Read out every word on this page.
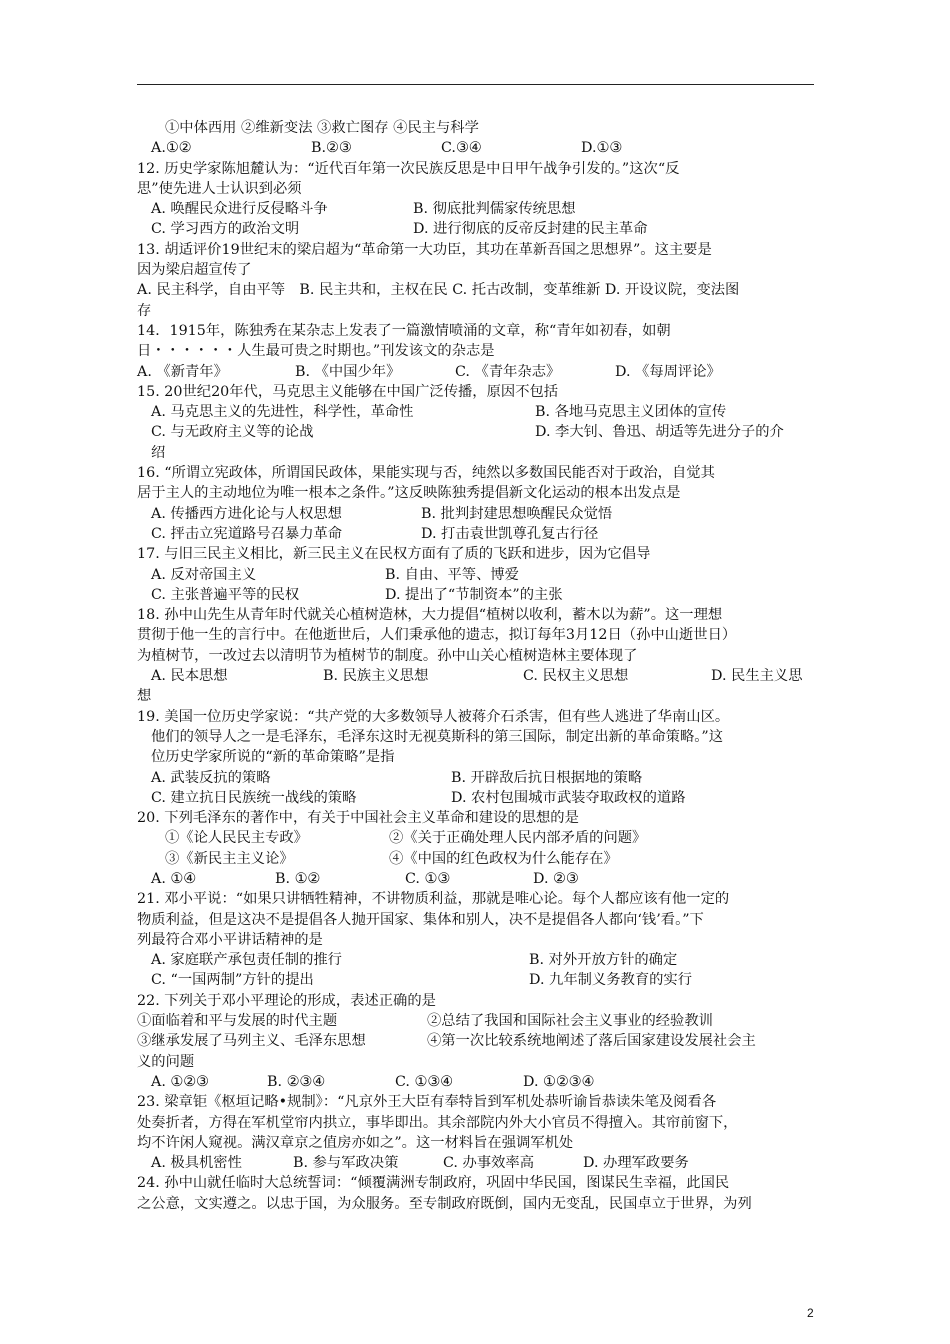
①中体西用 ②维新变法 ③救亡图存 ④民主与科学
A.①②	B.②③	C.③④	D.①③
12. 历史学家陈旭麓认为：“近代百年第一次民族反思是中日甲午战争引发的。”这次“反
思”使先进人士认识到必须
A. 唤醒民众进行反侵略斗争	B. 彻底批判儒家传统思想
C. 学习西方的政治文明	D. 进行彻底的反帝反封建的民主革命
13. 胡适评价19世纪末的梁启超为“革命第一大功臣，其功在革新吾国之思想界”。这主要是
因为梁启超宣传了
A. 民主科学，自由平等　B. 民主共和，主权在民 C. 托古改制，变革维新 D. 开设议院，变法图
存
14．1915年，陈独秀在某杂志上发表了一篇激情喷涌的文章，称“青年如初春，如朝
日・・・・・・人生最可贵之时期也。”刊发该文的杂志是
A. 《新青年》	B. 《中国少年》	C. 《青年杂志》	D. 《每周评论》
15. 20世纪20年代，马克思主义能够在中国广泛传播，原因不包括
A. 马克思主义的先进性，科学性，革命性	B. 各地马克思主义团体的宣传
C. 与无政府主义等的论战	D. 李大钊、鲁迅、胡适等先进分子的介
绍
16. “所谓立宪政体，所谓国民政体，果能实现与否，纯然以多数国民能否对于政治，自觉其
居于主人的主动地位为唯一根本之条件。”这反映陈独秀提倡新文化运动的根本出发点是
A. 传播西方进化论与人权思想	B. 批判封建思想唤醒民众觉悟
C. 抨击立宪道路号召暴力革命	D. 打击袁世凯尊孔复古行径
17. 与旧三民主义相比，新三民主义在民权方面有了质的飞跃和进步，因为它倡导
A. 反对帝国主义	B. 自由、平等、博爱
C. 主张普遍平等的民权	D. 提出了“节制资本”的主张
18. 孙中山先生从青年时代就关心植树造林，大力提倡“植树以收利，蓄木以为薪”。这一理想
贯彻于他一生的言行中。在他逝世后，人们秉承他的遗志，拟订每年3月12日（孙中山逝世日）
为植树节，一改过去以清明节为植树节的制度。孙中山关心植树造林主要体现了
A. 民本思想	B. 民族主义思想	C. 民权主义思想	D. 民生主义思
想
19. 美国一位历史学家说：“共产党的大多数领导人被蒋介石杀害，但有些人逃进了华南山区。
他们的领导人之一是毛泽东，毛泽东这时无视莫斯科的第三国际，制定出新的革命策略。”这
位历史学家所说的“新的革命策略”是指
A. 武装反抗的策略	B. 开辟敌后抗日根据地的策略
C. 建立抗日民族统一战线的策略	D. 农村包围城市武装夺取政权的道路
20. 下列毛泽东的著作中，有关于中国社会主义革命和建设的思想的是
①《论人民民主专政》	②《关于正确处理人民内部矛盾的问题》
③《新民主主义论》	④《中国的红色政权为什么能存在》
A. ①④	B. ①②	C. ①③	D. ②③
21. 邓小平说：“如果只讲牺牲精神，不讲物质利益，那就是唯心论。每个人都应该有他一定的
物质利益，但是这决不是提倡各人抛开国家、集体和别人，决不是提倡各人都向‘钱’看。”下
列最符合邓小平讲话精神的是
A. 家庭联产承包责任制的推行	B. 对外开放方针的确定
C. “一国两制”方针的提出	D. 九年制义务教育的实行
22. 下列关于邓小平理论的形成，表述正确的是
①面临着和平与发展的时代主题	②总结了我国和国际社会主义事业的经验教训
③继承发展了马列主义、毛泽东思想	④第一次比较系统地阐述了落后国家建设发展社会主
义的问题
A. ①②③	B. ②③④	C. ①③④	D. ①②③④
23. 梁章钜《枢垣记略•规制》：“凡京外王大臣有奉特旨到军机处恭听谕旨恭读朱笔及阅看各
处奏折者，方得在军机堂帘内拱立，事毕即出。其余部院内外大小官员不得擅入。其帘前窗下，
均不许闲人窥视。满汉章京之值房亦如之”。这一材料旨在强调军机处
A. 极具机密性	B. 参与军政决策	C. 办事效率高	D. 办理军政要务
24. 孙中山就任临时大总统誓词：“倾覆满洲专制政府，巩固中华民国，图谋民生幸福，此国民
之公意，文实遵之。以忠于国，为众服务。至专制政府既倒，国内无变乱，民国卓立于世界，为列
2
